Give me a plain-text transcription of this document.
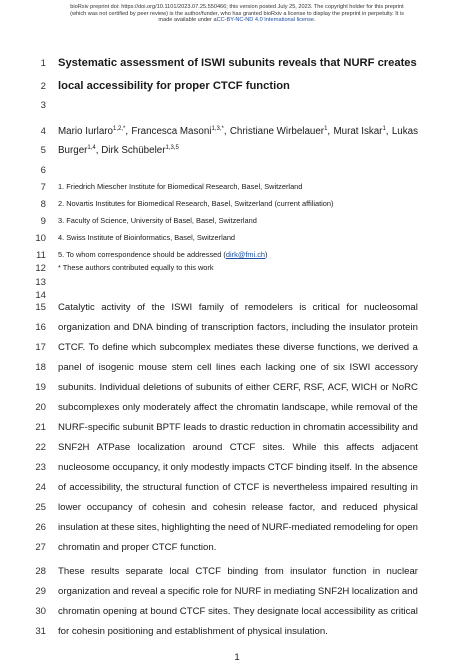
bioRxiv preprint doi: https://doi.org/10.1101/2023.07.25.550466; this version posted July 25, 2023. The copyright holder for this preprint
(which was not certified by peer review) is the author/funder, who has granted bioRxiv a license to display the preprint in perpetuity. It is
made available under aCC-BY-NC-ND 4.0 International license.
1
2
3
4
5
6
7
8
9
10
11
12
13
14
15
16
17
18
19
20
21
22
23
24
25
26
27
28
29
30
31
Systematic assessment of ISWI subunits reveals that NURF creates
local accessibility for proper CTCF function
Mario Iurlaro$^{1,2,*}$, Francesca Masoni$^{1,3,*}$, Christiane Wirbelauer$^1$, Murat Iskar$^1$, Lukas
Burger$^{1,4}$, Dirk Schübeler$^{1,3,5}$
1. Friedrich Miescher Institute for Biomedical Research, Basel, Switzerland
2. Novartis Institutes for Biomedical Research, Basel, Switzerland (current affiliation)
3. Faculty of Science, University of Basel, Basel, Switzerland
4. Swiss Institute of Bioinformatics, Basel, Switzerland
5. To whom correspondence should be addressed (dirk@fmi.ch)
* These authors contributed equally to this work
Catalytic activity of the ISWI family of remodelers is critical for nucleosomal
organization and DNA binding of transcription factors, including the insulator protein
CTCF. To define which subcomplex mediates these diverse functions, we derived a
panel of isogenic mouse stem cell lines each lacking one of six ISWI accessory
subunits. Individual deletions of subunits of either CERF, RSF, ACF, WICH or NoRC
subcomplexes only moderately affect the chromatin landscape, while removal of the
NURF-specific subunit BPTF leads to drastic reduction in chromatin accessibility and
SNF2H ATPase localization around CTCF sites. While this affects adjacent
nucleosome occupancy, it only modestly impacts CTCF binding itself. In the absence
of accessibility, the structural function of CTCF is nevertheless impaired resulting in
lower occupancy of cohesin and cohesin release factor, and reduced physical
insulation at these sites, highlighting the need of NURF-mediated remodeling for open
chromatin and proper CTCF function.
These results separate local CTCF binding from insulator function in nuclear
organization and reveal a specific role for NURF in mediating SNF2H localization and
chromatin opening at bound CTCF sites. They designate local accessibility as critical
for cohesin positioning and establishment of physical insulation.
1
